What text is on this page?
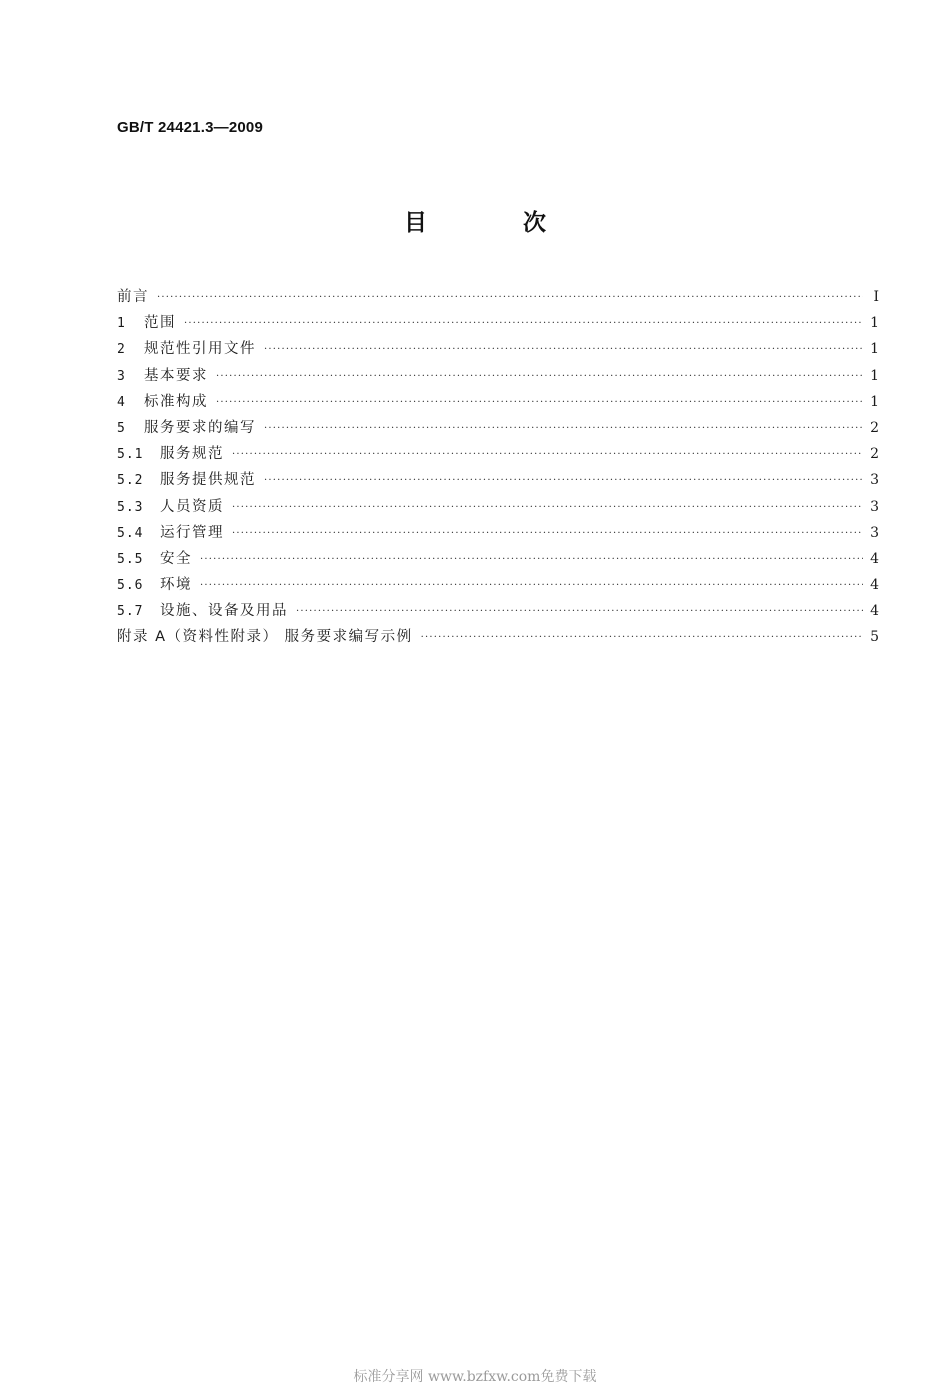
GB/T 24421.3—2009
目 次
前言 ·····	Ⅰ
1	范围 ·····	1
2	规范性引用文件 ·····	1
3	基本要求 ·····	1
4	标准构成 ·····	1
5	服务要求的编写 ·····	2
5.1	服务规范 ·····	2
5.2	服务提供规范 ·····	3
5.3	人员资质 ·····	3
5.4	运行管理 ·····	3
5.5	安全 ·····	4
5.6	环境 ·····	4
5.7	设施、设备及用品 ·····	4
附录 A（资料性附录） 服务要求编写示例 ·····	5
标准分享网 www.bzfxw.com免费下载
